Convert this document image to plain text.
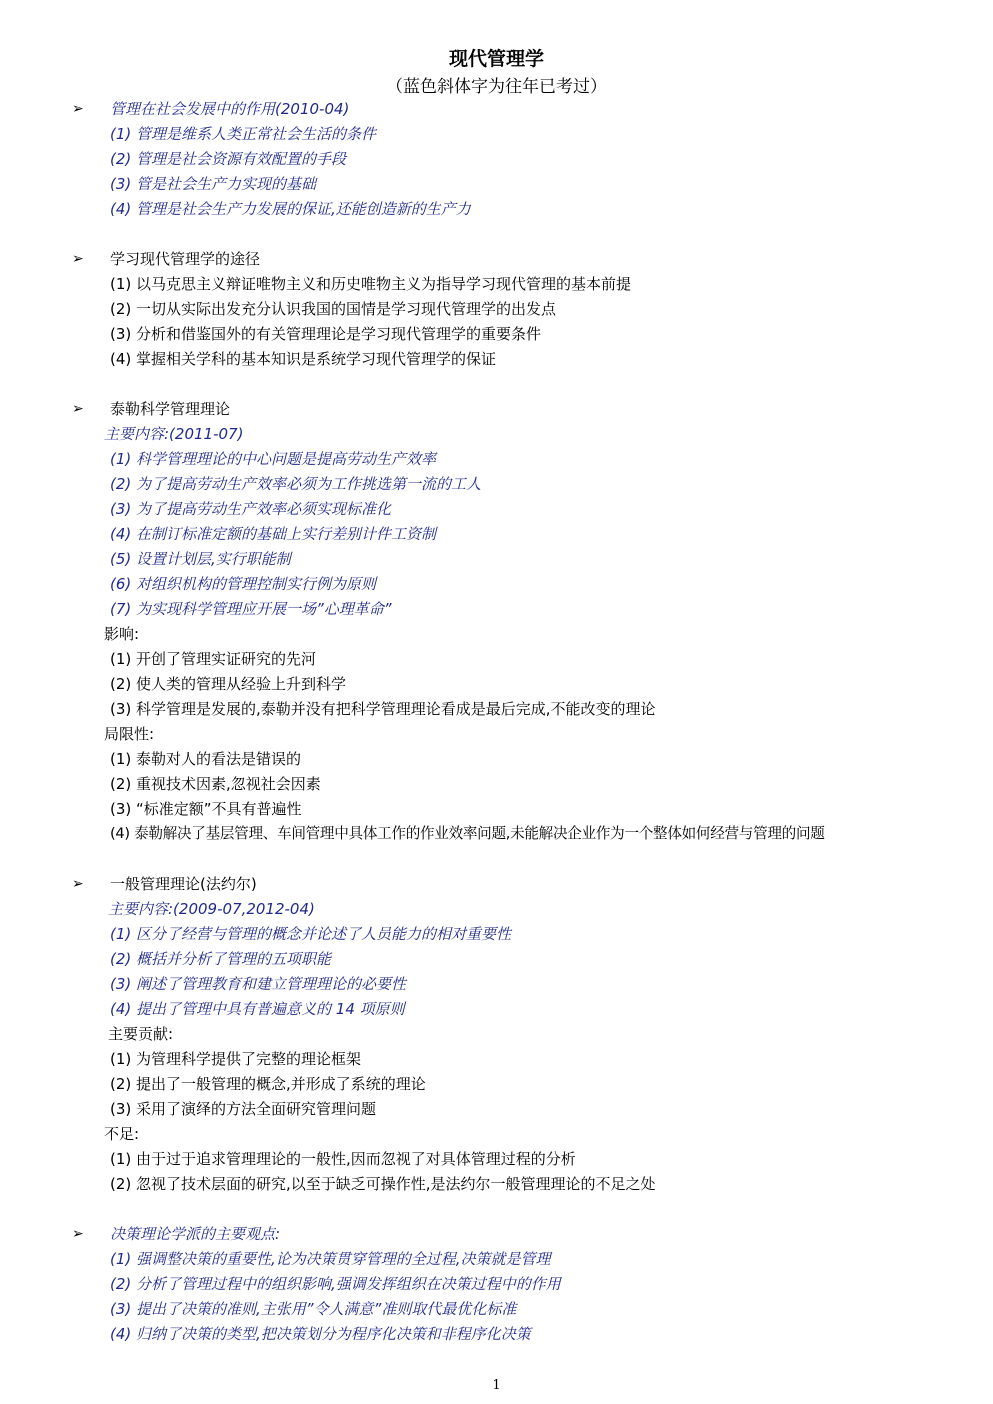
现代管理学
（蓝色斜体字为往年已考过）
➢ 管理在社会发展中的作用(2010-04)
(1) 管理是维系人类正常社会生活的条件
(2) 管理是社会资源有效配置的手段
(3) 管是社会生产力实现的基础
(4) 管理是社会生产力发展的保证,还能创造新的生产力
➢ 学习现代管理学的途径
(1) 以马克思主义辩证唯物主义和历史唯物主义为指导学习现代管理的基本前提
(2) 一切从实际出发充分认识我国的国情是学习现代管理学的出发点
(3) 分析和借鉴国外的有关管理理论是学习现代管理学的重要条件
(4) 掌握相关学科的基本知识是系统学习现代管理学的保证
➢ 泰勒科学管理理论
主要内容:(2011-07)
(1) 科学管理理论的中心问题是提高劳动生产效率
(2) 为了提高劳动生产效率必须为工作挑选第一流的工人
(3) 为了提高劳动生产效率必须实现标准化
(4) 在制订标准定额的基础上实行差别计件工资制
(5) 设置计划层,实行职能制
(6) 对组织机构的管理控制实行例为原则
(7) 为实现科学管理应开展一场”心理革命”
影响:
(1) 开创了管理实证研究的先河
(2) 使人类的管理从经验上升到科学
(3) 科学管理是发展的,泰勒并没有把科学管理理论看成是最后完成,不能改变的理论
局限性:
(1) 泰勒对人的看法是错误的
(2) 重视技术因素,忽视社会因素
(3) “标准定额”不具有普遍性
(4) 泰勒解决了基层管理、车间管理中具体工作的作业效率问题,未能解决企业作为一个整体如何经营与管理的问题
➢ 一般管理理论(法约尔)
主要内容:(2009-07,2012-04)
(1) 区分了经营与管理的概念并论述了人员能力的相对重要性
(2) 概括并分析了管理的五项职能
(3) 阐述了管理教育和建立管理理论的必要性
(4) 提出了管理中具有普遍意义的 14 项原则
主要贡献:
(1) 为管理科学提供了完整的理论框架
(2) 提出了一般管理的概念,并形成了系统的理论
(3) 采用了演绎的方法全面研究管理问题
不足:
(1) 由于过于追求管理理论的一般性,因而忽视了对具体管理过程的分析
(2) 忽视了技术层面的研究,以至于缺乏可操作性,是法约尔一般管理理论的不足之处
➢ 决策理论学派的主要观点:
(1) 强调整决策的重要性,论为决策贯穿管理的全过程,决策就是管理
(2) 分析了管理过程中的组织影响,强调发挥组织在决策过程中的作用
(3) 提出了决策的准则,主张用”令人满意”准则取代最优化标准
(4) 归纳了决策的类型,把决策划分为程序化决策和非程序化决策
1
